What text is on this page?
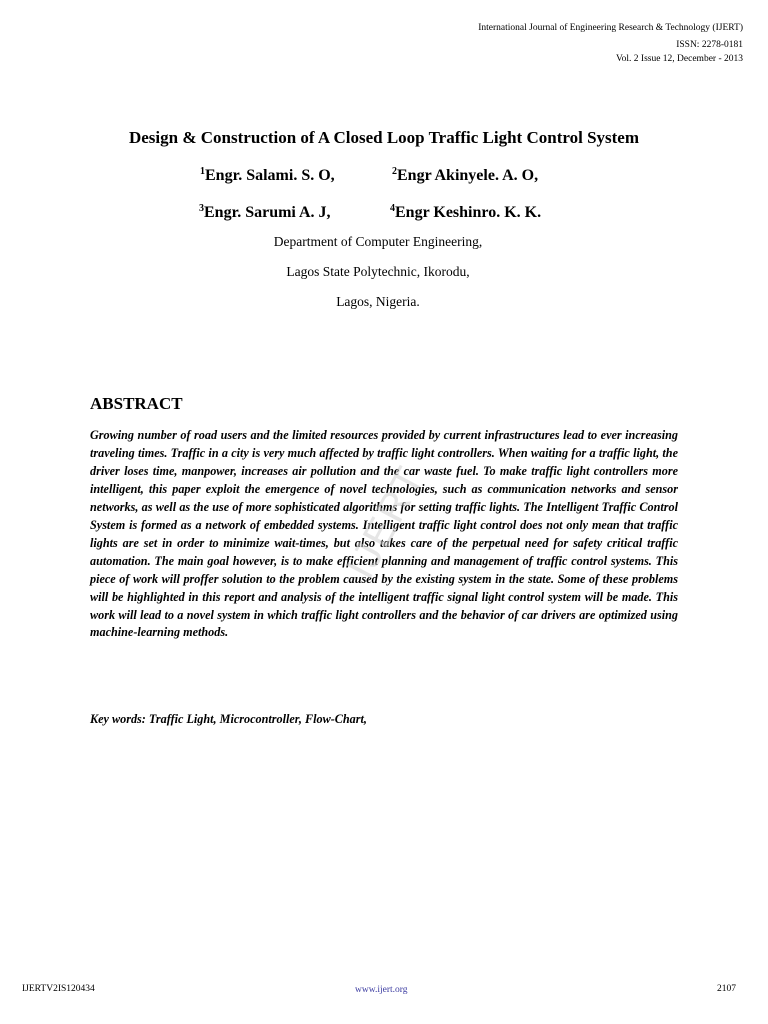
International Journal of Engineering Research & Technology (IJERT)
ISSN: 2278-0181
Vol. 2 Issue 12, December - 2013
Design & Construction of A Closed Loop Traffic Light Control System
$^1$Engr. Salami. S. O,	$^2$Engr Akinyele. A. O,
$^3$Engr. Sarumi A. J,	$^4$Engr Keshinro. K. K.
Department of Computer Engineering,
Lagos State Polytechnic, Ikorodu,
Lagos, Nigeria.
ABSTRACT
Growing number of road users and the limited resources provided by current infrastructures lead to ever increasing traveling times. Traffic in a city is very much affected by traffic light controllers. When waiting for a traffic light, the driver loses time, manpower, increases air pollution and the car waste fuel. To make traffic light controllers more intelligent, this paper exploit the emergence of novel technologies, such as communication networks and sensor networks, as well as the use of more sophisticated algorithms for setting traffic lights. The Intelligent Traffic Control System is formed as a network of embedded systems. Intelligent traffic light control does not only mean that traffic lights are set in order to minimize wait-times, but also takes care of the perpetual need for safety critical traffic automation. The main goal however, is to make efficient planning and management of traffic control systems. This piece of work will proffer solution to the problem caused by the existing system in the state. Some of these problems will be highlighted in this report and analysis of the intelligent traffic signal light control system will be made. This work will lead to a novel system in which traffic light controllers and the behavior of car drivers are optimized using machine-learning methods.
IJERT
Key words: Traffic Light, Microcontroller, Flow-Chart,
IJERTV2IS120434	www.ijert.org	2107
